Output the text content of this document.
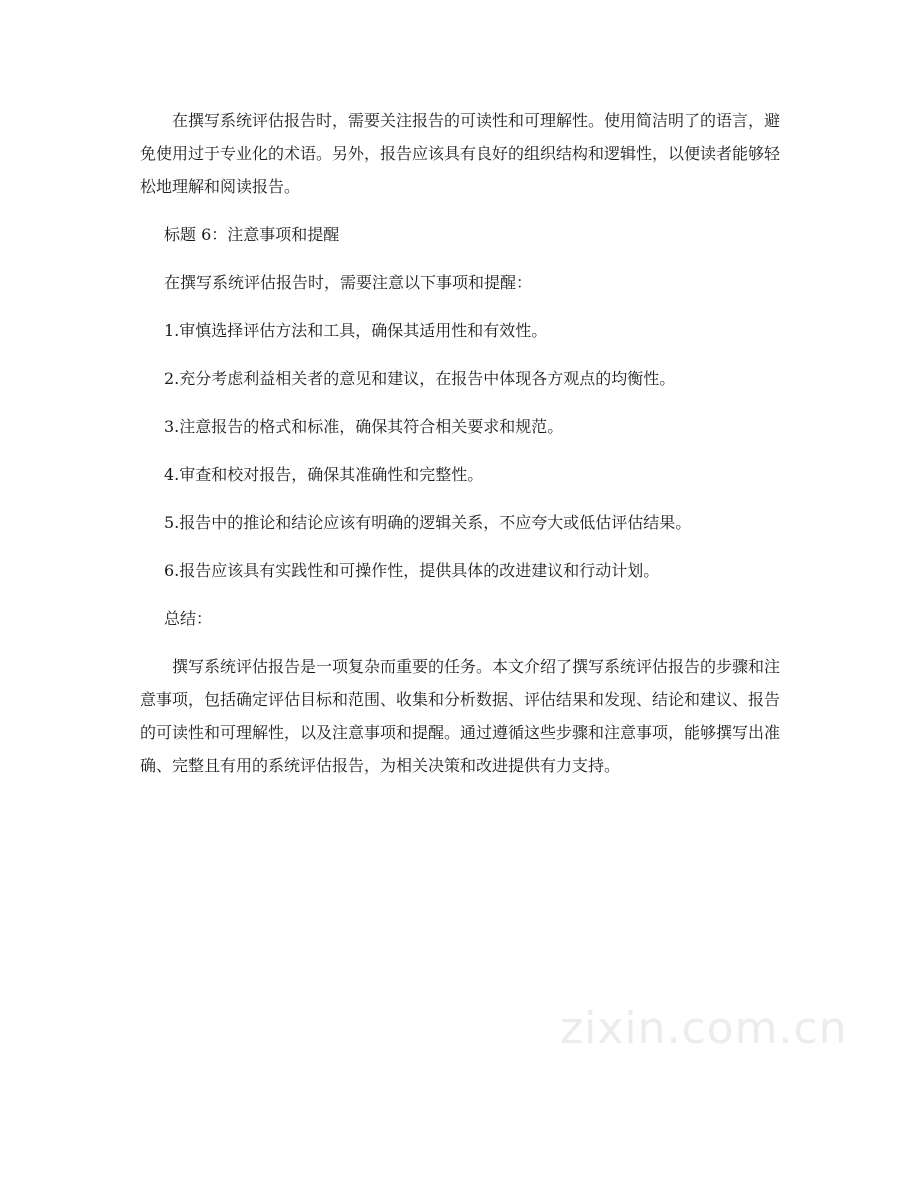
在撰写系统评估报告时，需要关注报告的可读性和可理解性。使用简洁明了的语言，避免使用过于专业化的术语。另外，报告应该具有良好的组织结构和逻辑性，以便读者能够轻松地理解和阅读报告。

标题 6：注意事项和提醒
在撰写系统评估报告时，需要注意以下事项和提醒：
1.审慎选择评估方法和工具，确保其适用性和有效性。
2.充分考虑利益相关者的意见和建议，在报告中体现各方观点的均衡性。
3.注意报告的格式和标准，确保其符合相关要求和规范。
4.审查和校对报告，确保其准确性和完整性。
5.报告中的推论和结论应该有明确的逻辑关系，不应夸大或低估评估结果。
6.报告应该具有实践性和可操作性，提供具体的改进建议和行动计划。
总结：

撰写系统评估报告是一项复杂而重要的任务。本文介绍了撰写系统评估报告的步骤和注意事项，包括确定评估目标和范围、收集和分析数据、评估结果和发现、结论和建议、报告的可读性和可理解性，以及注意事项和提醒。通过遵循这些步骤和注意事项，能够撰写出准确、完整且有用的系统评估报告，为相关决策和改进提供有力支持。

zixin.com.cn
